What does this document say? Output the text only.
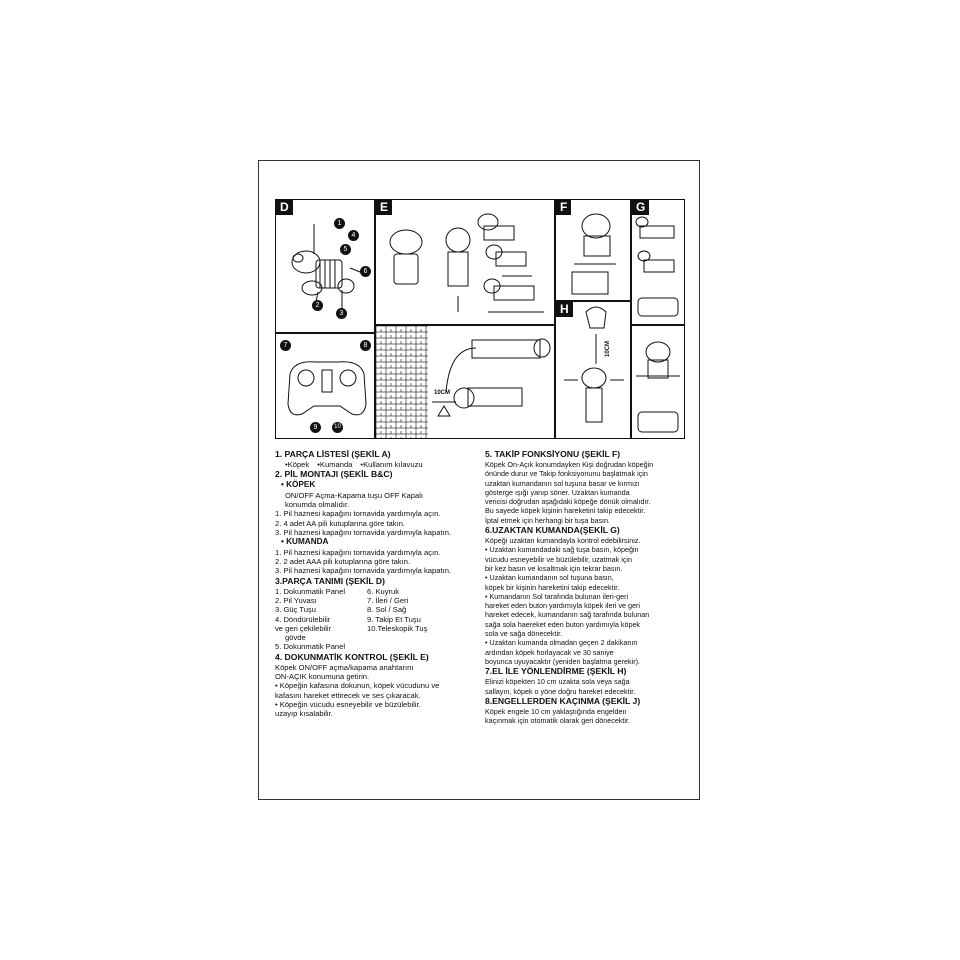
D
1
4
5
6
2
3
7	8
9	10
E	F	G
10CM
H
10CM
1. PARÇA LİSTESİ (ŞEKİL A)
• Köpek	• Kumanda	• Kullanım kılavuzu
2. PİL MONTAJI (ŞEKİL B&C)
• KÖPEK
ON/OFF Açma-Kapama tuşu OFF Kapalı
konumda olmalıdır.
1. Pil haznesi kapağını tornavida yardımıyla açın.
2. 4 adet AA pili kutuplarına göre takın.
3. Pil haznesi kapağını tornavida yardımıyla kapatın.
• KUMANDA
1. Pil haznesi kapağını tornavida yardımıyla açın.
2. 2 adet AAA pili kutuplarına göre takın.
3. Pil haznesi kapağını tornavida yardımıyla kapatın.
3.PARÇA TANIMI (ŞEKİL D)
1. Dokunmatik Panel	6. Kuyruk
2. Pil Yuvası	7. İleri / Geri
3. Güç Tuşu	8. Sol / Sağ
4. Döndürülebilir	9. Takip Et Tuşu
ve geri çekilebilir	10.Teleskopik Tuş
gövde
5. Dokunmatik Panel
4. DOKUNMATİK KONTROL (ŞEKİL E)
Köpek ON/OFF açma/kapama anahtarını
ON-AÇIK konumuna getirin.
• Köpeğin kafasına dokunun, köpek vücudunu ve
kafasını hareket ettirecek ve ses çıkaracak.
• Köpeğin vücudu esneyebilir ve büzülebilir.
uzayıp kısalabilir.
5. TAKİP FONKSİYONU (ŞEKİL F)
Köpek On-Açık konumdayken Kişi doğrudan köpeğin
önünde durur ve Takip fonksiyonunu başlatmak için
uzaktan kumandanın sol tuşuna basar ve kırmızı
gösterge ışığı yanıp söner. Uzaktan kumanda
vericisi doğrudan aşağıdaki köpeğe dönük olmalıdır.
Bu sayede köpek kişinin hareketini takip edecektir.
İptal etmek için herhangi bir tuşa basın.
6.UZAKTAN KUMANDA(ŞEKİL G)
Köpeği uzaktan kumandayla kontrol edebilirsiniz.
• Uzaktan kumandadaki sağ tuşa basın, köpeğin
vücudu esneyebilir ve büzülebilir, uzatmak için
bir kez basın ve kısaltmak için tekrar basın.
• Uzaktan kumandanın sol tuşuna basın,
köpek bir kişinin hareketini takip edecektir.
• Kumandanın Sol tarafında bulunan ileri-geri
hareket eden buton yardımıyla köpek ileri ve geri
hareket edecek, kumandanın sağ tarafında bulunan
sağa sola haereket eden buton yardımıyla köpek
sola ve sağa dönecektir.
• Uzaktan kumanda olmadan geçen 2 dakikanın
ardından köpek horlayacak ve 30 saniye
boyunca uyuyacaktır (yeniden başlatma gerekir).
7.EL İLE YÖNLENDİRME (ŞEKİL H)
Elinizi köpekten 10 cm uzakta sola veya sağa
sallayın, köpek o yöne doğru hareket edecektir.
8.ENGELLERDEN KAÇINMA (ŞEKİL J)
Köpek engele 10 cm yaklaştığında engelden
kaçınmak için otomatik olarak geri dönecektir.
